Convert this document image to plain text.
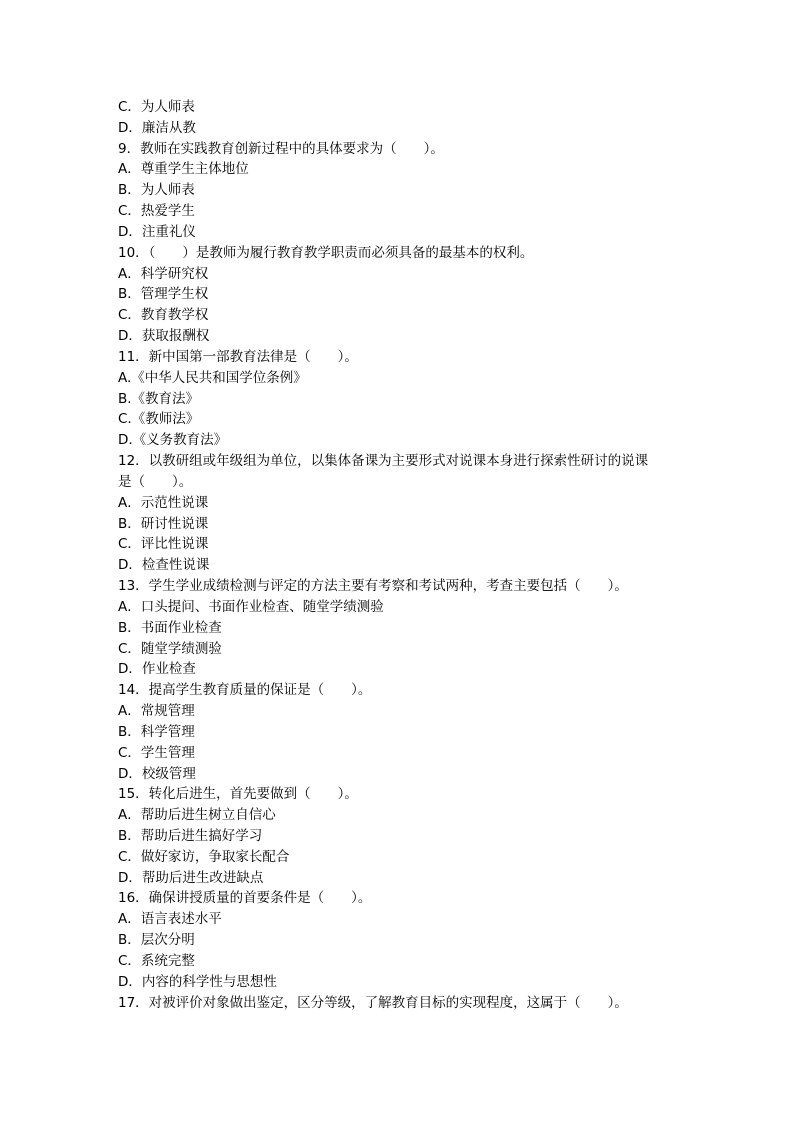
C．为人师表
D．廉洁从教
9．教师在实践教育创新过程中的具体要求为（　　）。
A．尊重学生主体地位
B．为人师表
C．热爱学生
D．注重礼仪
10．（　　）是教师为履行教育教学职责而必须具备的最基本的权利。
A．科学研究权
B．管理学生权
C．教育教学权
D．获取报酬权
11．新中国第一部教育法律是（　　）。
A.《中华人民共和国学位条例》
B.《教育法》
C.《教师法》
D.《义务教育法》
12．以教研组或年级组为单位，以集体备课为主要形式对说课本身进行探索性研讨的说课
是（　　）。
A．示范性说课
B．研讨性说课
C．评比性说课
D．检查性说课
13．学生学业成绩检测与评定的方法主要有考察和考试两种，考查主要包括（　　）。
A．口头提问、书面作业检查、随堂学绩测验
B．书面作业检查
C．随堂学绩测验
D．作业检查
14．提高学生教育质量的保证是（　　）。
A．常规管理
B．科学管理
C．学生管理
D．校级管理
15．转化后进生，首先要做到（　　）。
A．帮助后进生树立自信心
B．帮助后进生搞好学习
C．做好家访，争取家长配合
D．帮助后进生改进缺点
16．确保讲授质量的首要条件是（　　）。
A．语言表述水平
B．层次分明
C．系统完整
D．内容的科学性与思想性
17．对被评价对象做出鉴定，区分等级，了解教育目标的实现程度，这属于（　　）。
